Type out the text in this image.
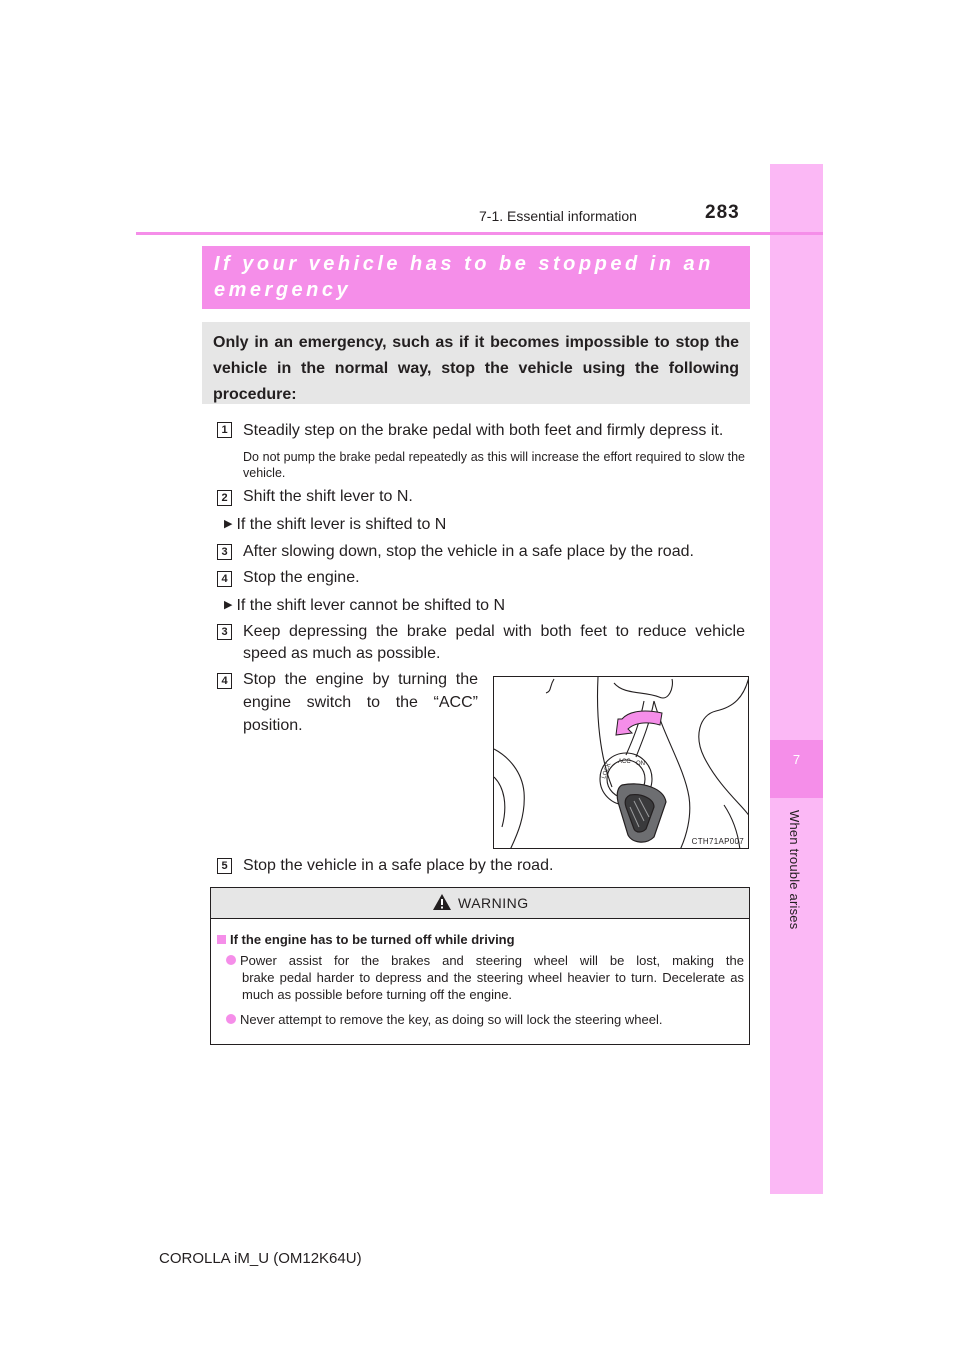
7
When trouble arises
7-1. Essential information	283

If your vehicle has to be stopped in an emergency

Only in an emergency, such as if it becomes impossible to stop the vehicle in the normal way, stop the vehicle using the following procedure:

1 Steadily step on the brake pedal with both feet and firmly depress it.
Do not pump the brake pedal repeatedly as this will increase the effort required to slow the vehicle.
2 Shift the shift lever to N.
▶ If the shift lever is shifted to N
3 After slowing down, stop the vehicle in a safe place by the road.
4 Stop the engine.
▶ If the shift lever cannot be shifted to N
3 Keep depressing the brake pedal with both feet to reduce vehicle
speed as much as possible.
4 Stop the engine by turning the
engine switch to the “ACC”
position.
LOCK
ACC ON
CTH71AP007
5 Stop the vehicle in a safe place by the road.
WARNING
If the engine has to be turned off while driving
Power assist for the brakes and steering wheel will be lost, making the
brake pedal harder to depress and the steering wheel heavier to turn. Decelerate as much as possible before turning off the engine.
Never attempt to remove the key, as doing so will lock the steering wheel.
COROLLA iM_U (OM12K64U)
